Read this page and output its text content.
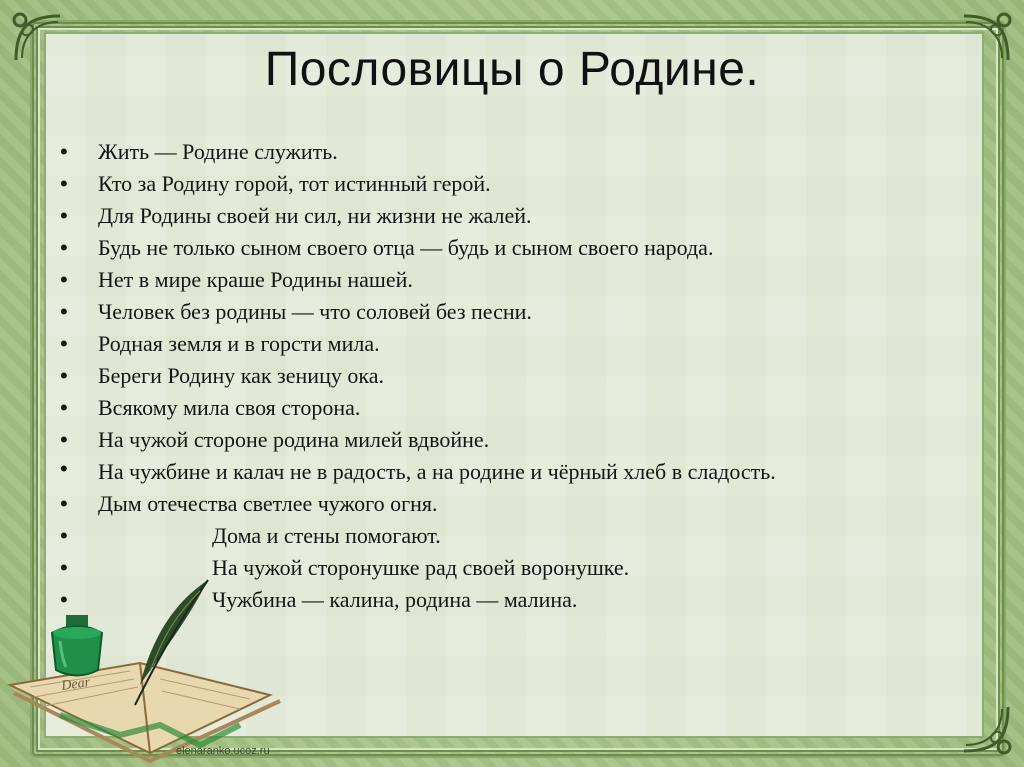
Пословицы о Родине.
• Жить — Родине служить.
• Кто за Родину горой, тот истинный герой.
• Для Родины своей ни сил, ни жизни не жалей.
• Будь не только сыном своего отца — будь и сыном своего народа.
• Нет в мире краше Родины нашей.
• Человек без родины — что соловей без песни.
• Родная земля и в горсти мила.
• Береги Родину как зеницу ока.
• Всякому мила своя сторона.
• На чужой стороне родина милей вдвойне.
• На чужбине и калач не в радость, а на родине и чёрный хлеб в сладость.
• Дым отечества светлее чужого огня.
•	Дома и стены помогают.
•	На чужой сторонушке рад своей воронушке.
•	Чужбина — калина, родина — малина.
Dear
elenaranko.ucoz.ru
